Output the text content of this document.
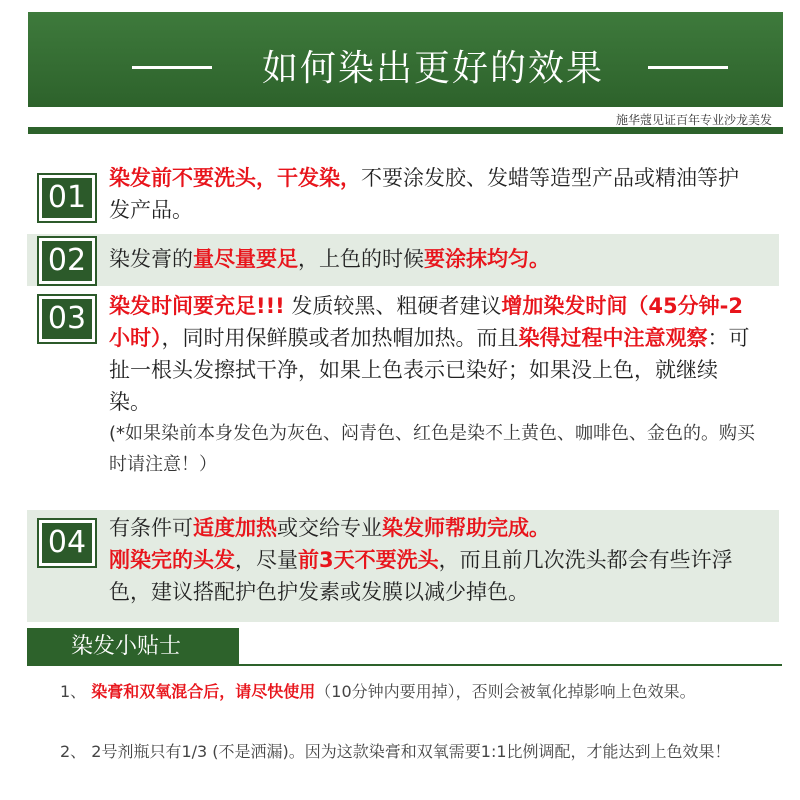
如何染出更好的效果
施华蔻见证百年专业沙龙美发
01
染发前不要洗头，干发染，不要涂发胶、发蜡等造型产品或精油等护发产品。
02	染发膏的量尽量要足，上色的时候要涂抹均匀。
03	染发时间要充足!!! 发质较黑、粗硬者建议增加染发时间（45分钟-2小时），同时用保鲜膜或者加热帽加热。而且染得过程中注意观察：可扯一根头发擦拭干净，如果上色表示已染好；如果没上色，就继续染。
(*如果染前本身发色为灰色、闷青色、红色是染不上黄色、咖啡色、金色的。购买时请注意！）
04	有条件可适度加热或交给专业染发师帮助完成。
刚染完的头发，尽量前3天不要洗头，而且前几次洗头都会有些许浮色，建议搭配护色护发素或发膜以减少掉色。
染发小贴士
1、 染膏和双氧混合后，请尽快使用（10分钟内要用掉），否则会被氧化掉影响上色效果。
2、 2号剂瓶只有1/3 (不是洒漏)。因为这款染膏和双氧需要1:1比例调配，才能达到上色效果！
